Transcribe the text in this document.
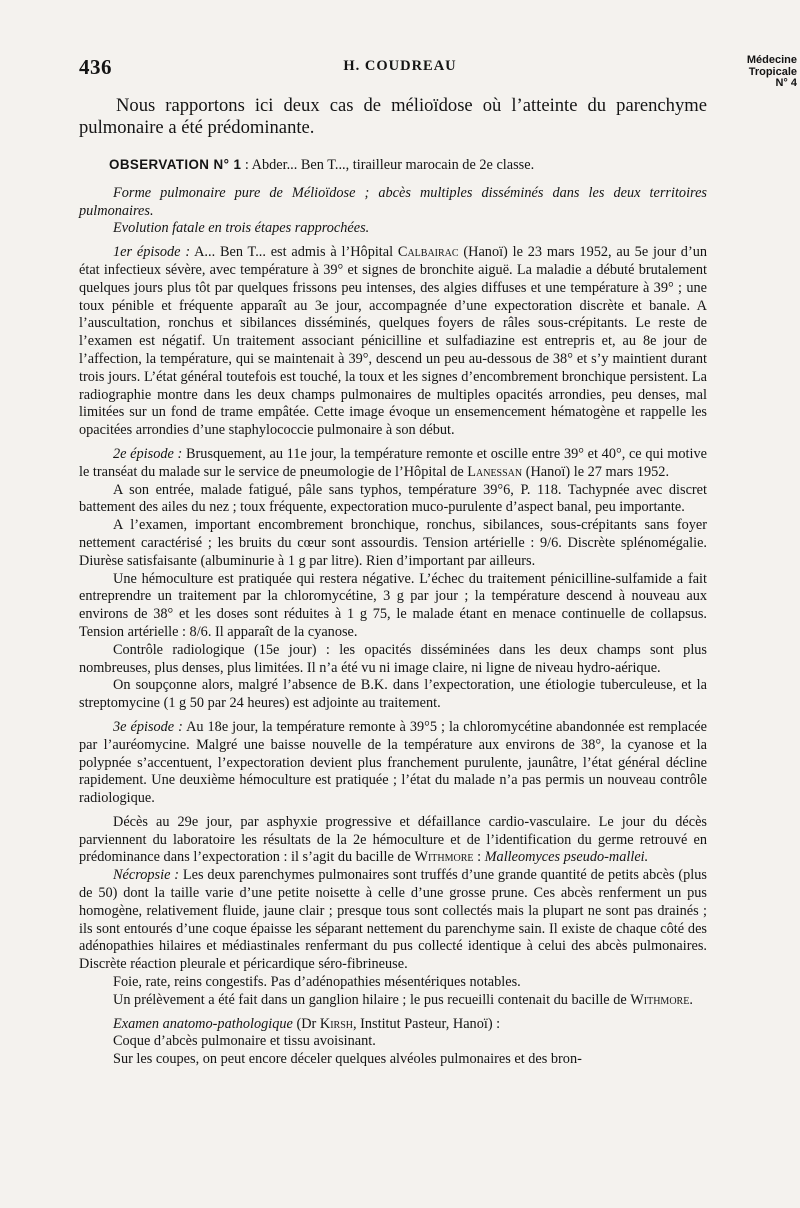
436	H. COUDREAU	Médecine
Tropicale
N° 4

Nous rapportons ici deux cas de mélioïdose où l’atteinte du parenchyme pulmonaire a été prédominante.

OBSERVATION N° 1 : Abder... Ben T..., tirailleur marocain de 2e classe.

Forme pulmonaire pure de Mélioïdose ; abcès multiples disséminés dans les deux territoires pulmonaires.

Evolution fatale en trois étapes rapprochées.

1er épisode : A... Ben T... est admis à l’Hôpital Calbairac (Hanoï) le 23 mars 1952, au 5e jour d’un état infectieux sévère, avec température à 39° et signes de bronchite aiguë. La maladie a débuté brutalement quelques jours plus tôt par quelques frissons peu intenses, des algies diffuses et une température à 39° ; une toux pénible et fréquente apparaît au 3e jour, accompagnée d’une expectoration discrète et banale. A l’auscultation, ronchus et sibilances disséminés, quelques foyers de râles sous-crépitants. Le reste de l’examen est négatif. Un traitement associant pénicilline et sulfadiazine est entrepris et, au 8e jour de l’affection, la température, qui se maintenait à 39°, descend un peu au-dessous de 38° et s’y maintient durant trois jours. L’état général toutefois est touché, la toux et les signes d’encombrement bronchique persistent. La radiographie montre dans les deux champs pulmonaires de multiples opacités arrondies, peu denses, mal limitées sur un fond de trame empâtée. Cette image évoque un ensemencement hématogène et rappelle les opacitées arrondies d’une staphylococcie pulmonaire à son début.

2e épisode : Brusquement, au 11e jour, la température remonte et oscille entre 39° et 40°, ce qui motive le transéat du malade sur le service de pneumologie de l’Hôpital de Lanessan (Hanoï) le 27 mars 1952.

A son entrée, malade fatigué, pâle sans typhos, température 39°6, P. 118. Tachypnée avec discret battement des ailes du nez ; toux fréquente, expectoration muco-purulente d’aspect banal, peu importante.

A l’examen, important encombrement bronchique, ronchus, sibilances, sous-crépitants sans foyer nettement caractérisé ; les bruits du cœur sont assourdis. Tension artérielle : 9/6. Discrète splénomégalie. Diurèse satisfaisante (albuminurie à 1 g par litre). Rien d’important par ailleurs.

Une hémoculture est pratiquée qui restera négative. L’échec du traitement pénicilline-sulfamide a fait entreprendre un traitement par la chloromycétine, 3 g par jour ; la température descend à nouveau aux environs de 38° et les doses sont réduites à 1 g 75, le malade étant en menace continuelle de collapsus. Tension artérielle : 8/6. Il apparaît de la cyanose.

Contrôle radiologique (15e jour) : les opacités disséminées dans les deux champs sont plus nombreuses, plus denses, plus limitées. Il n’a été vu ni image claire, ni ligne de niveau hydro-aérique.

On soupçonne alors, malgré l’absence de B.K. dans l’expectoration, une étiologie tuberculeuse, et la streptomycine (1 g 50 par 24 heures) est adjointe au traitement.

3e épisode : Au 18e jour, la température remonte à 39°5 ; la chloromycétine abandonnée est remplacée par l’auréomycine. Malgré une baisse nouvelle de la température aux environs de 38°, la cyanose et la polypnée s’accentuent, l’expectoration devient plus franchement purulente, jaunâtre, l’état général décline rapidement. Une deuxième hémoculture est pratiquée ; l’état du malade n’a pas permis un nouveau contrôle radiologique.

Décès au 29e jour, par asphyxie progressive et défaillance cardio-vasculaire. Le jour du décès parviennent du laboratoire les résultats de la 2e hémoculture et de l’identification du germe retrouvé en prédominance dans l’expectoration : il s’agit du bacille de Withmore : Malleomyces pseudo-mallei.

Nécropsie : Les deux parenchymes pulmonaires sont truffés d’une grande quantité de petits abcès (plus de 50) dont la taille varie d’une petite noisette à celle d’une grosse prune. Ces abcès renferment un pus homogène, relativement fluide, jaune clair ; presque tous sont collectés mais la plupart ne sont pas drainés ; ils sont entourés d’une coque épaisse les séparant nettement du parenchyme sain. Il existe de chaque côté des adénopathies hilaires et médiastinales renfermant du pus collecté identique à celui des abcès pulmonaires. Discrète réaction pleurale et péricardique séro-fibrineuse.

Foie, rate, reins congestifs. Pas d’adénopathies mésentériques notables.

Un prélèvement a été fait dans un ganglion hilaire ; le pus recueilli contenait du bacille de Withmore.

Examen anatomo-pathologique (Dr Kirsh, Institut Pasteur, Hanoï) :

Coque d’abcès pulmonaire et tissu avoisinant.

Sur les coupes, on peut encore déceler quelques alvéoles pulmonaires et des bron-
